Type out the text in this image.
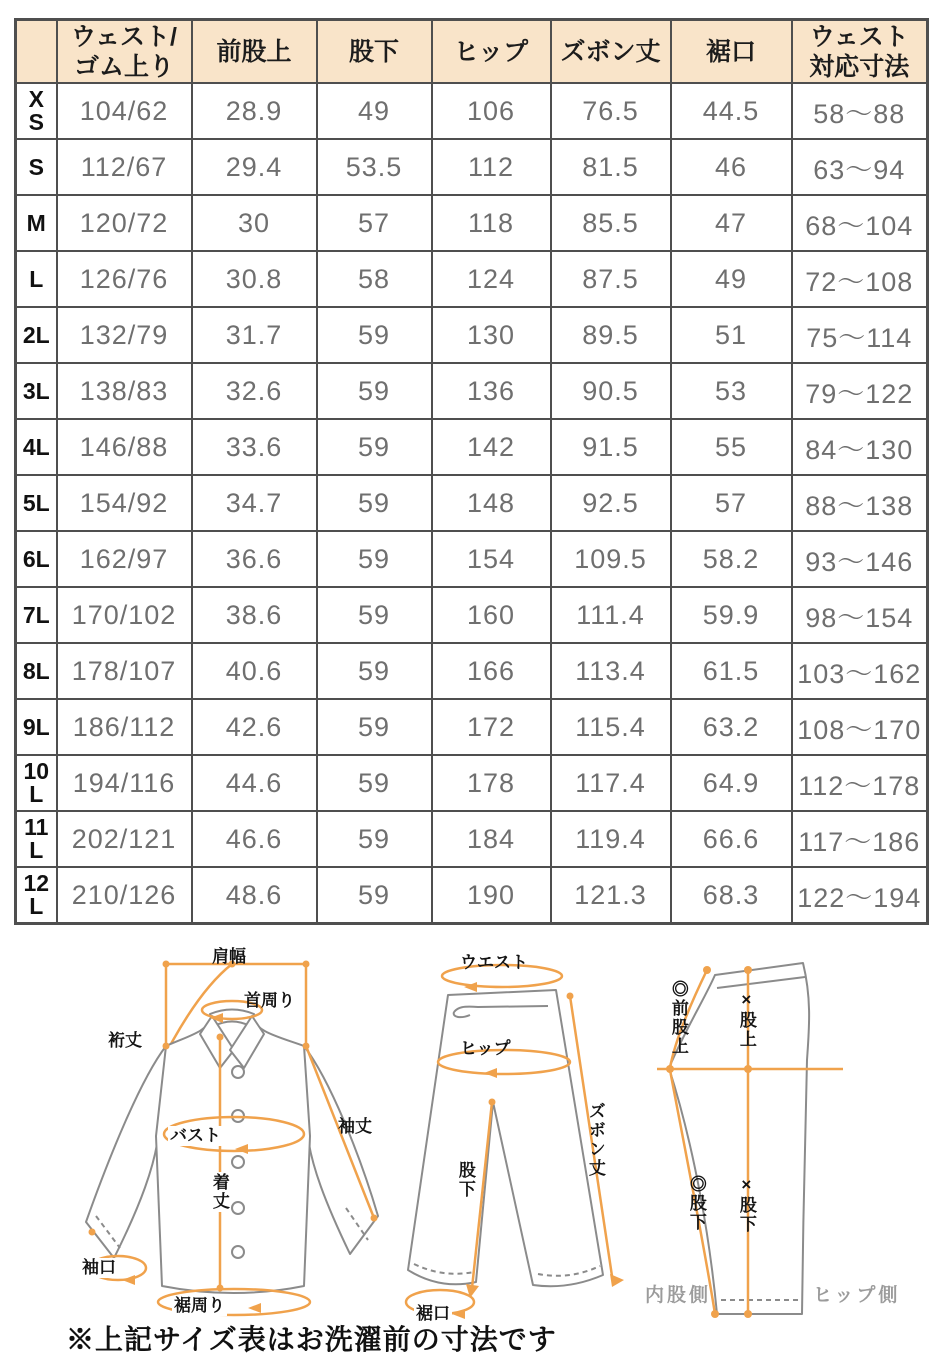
	ウェスト/ゴム上り	前股上	股下	ヒップ	ズボン丈	裾口	ウェスト対応寸法
XS	104/62	28.9	49	106	76.5	44.5	58〜88
S	112/67	29.4	53.5	112	81.5	46	63〜94
M	120/72	30	57	118	85.5	47	68〜104
L	126/76	30.8	58	124	87.5	49	72〜108
2L	132/79	31.7	59	130	89.5	51	75〜114
3L	138/83	32.6	59	136	90.5	53	79〜122
4L	146/88	33.6	59	142	91.5	55	84〜130
5L	154/92	34.7	59	148	92.5	57	88〜138
6L	162/97	36.6	59	154	109.5	58.2	93〜146
7L	170/102	38.6	59	160	111.4	59.9	98〜154
8L	178/107	40.6	59	166	113.4	61.5	103〜162
9L	186/112	42.6	59	172	115.4	63.2	108〜170
10L	194/116	44.6	59	178	117.4	64.9	112〜178
11L	202/121	46.6	59	184	119.4	66.6	117〜186
12L	210/126	48.6	59	190	121.3	68.3	122〜194
肩幅
首周り
裄丈
バスト	袖丈
着丈
袖口
裾周り
ウエスト
ヒップ
ズボン丈
股下
裾口
◎前股上	×股上
◎股下 ×股下
内股側	ヒップ側
※上記サイズ表はお洗濯前の寸法です
